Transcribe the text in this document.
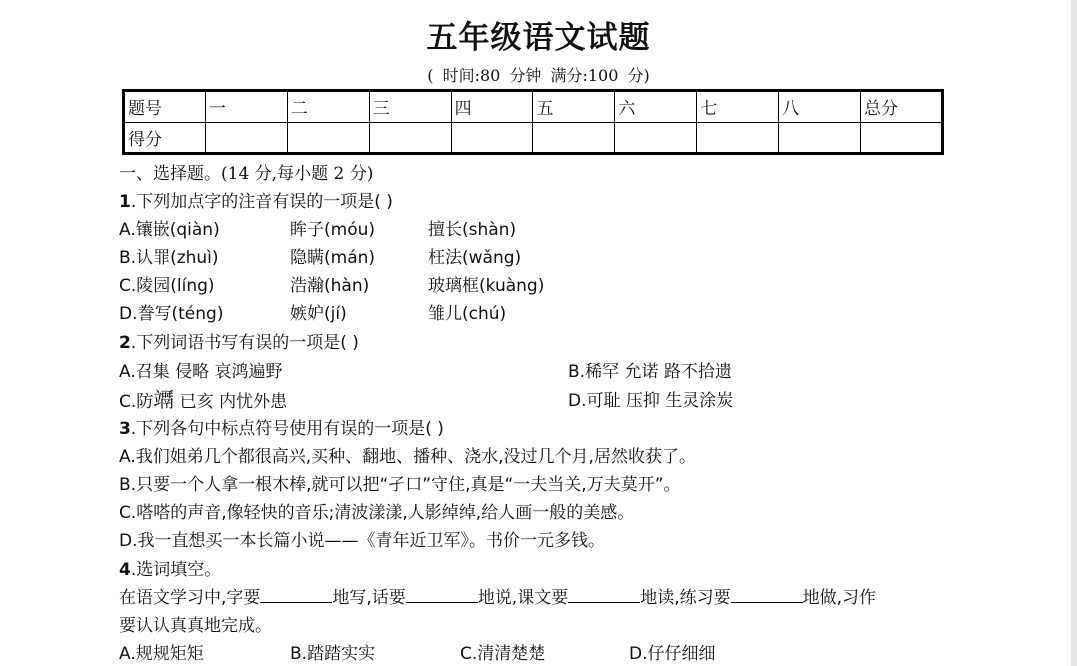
五年级语文试题
( 时间:80 分钟 满分:100 分)
题号	一	二	三	四	五	六	七	八	总分
得分									
一、选择题。(14 分,每小题 2 分)
1.下列加点字的注音有误的一项是( )
A.镶嵌(qiàn)	眸子(móu)	擅长(shàn)
B.认罪(zhuì)	隐瞒(mán)	枉法(wǎng)
C.陵园(líng)	浩瀚(hàn)	玻璃框(kuàng)
D.誊写(téng)	嫉妒(jí)	雏儿(chú)
2.下列词语书写有误的一项是( )
A.召集 侵略 哀鸿遍野	B.稀罕 允诺 路不拾遗
C.防竵 已亥 内忧外患	D.可耻 压抑 生灵涂炭
3.下列各句中标点符号使用有误的一项是( )
A.我们姐弟几个都很高兴,买种、翻地、播种、浇水,没过几个月,居然收获了。
B.只要一个人拿一根木棒,就可以把“孑口”守住,真是“一夫当关,万夫莫开”。
C.嗒嗒的声音,像轻快的音乐;清波漾漾,人影绰绰,给人画一般的美感。
D.我一直想买一本长篇小说——《青年近卫军》。书价一元多钱。
4.选词填空。
在语文学习中,字要	地写,话要	地说,课文要	地读,练习要	地做,习作
要认认真真地完成。
A.规规矩矩	B.踏踏实实	C.清清楚楚	D.仔仔细细
